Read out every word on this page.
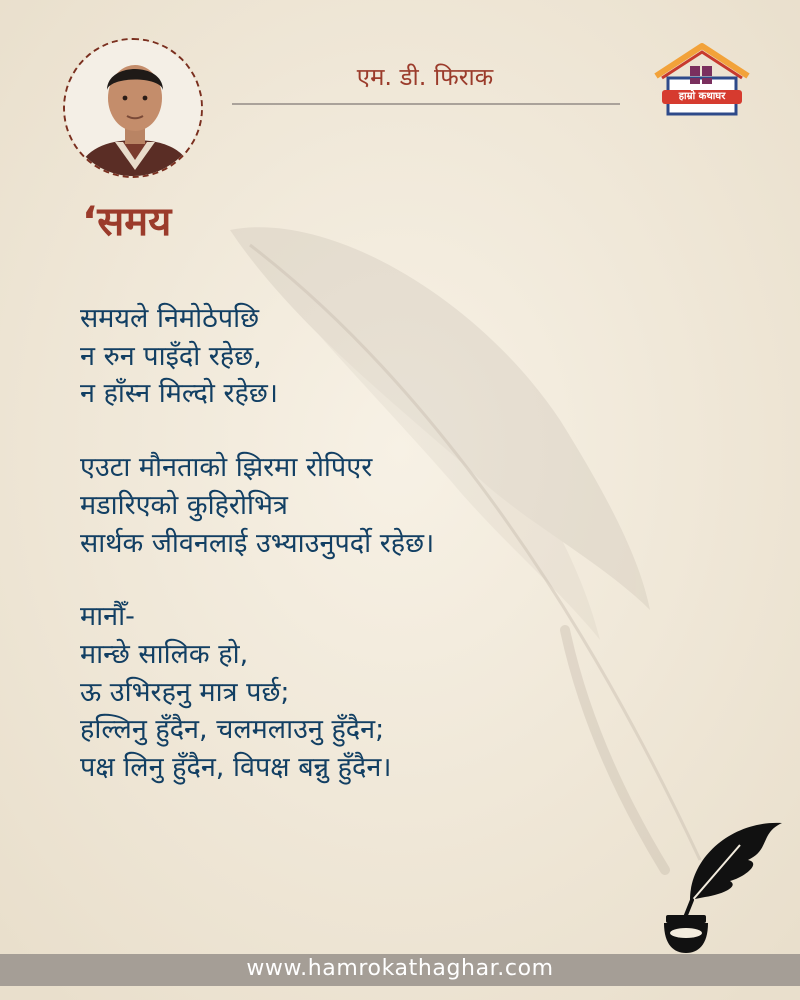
एम. डी. फिराक
हाम्रो कथाघर
‘समय
समयले निमोठेपछि
न रुन पाइँदो रहेछ,
न हाँस्न मिल्दो रहेछ।
एउटा मौनताको झिरमा रोपिएर
मडारिएको कुहिरोभित्र
सार्थक जीवनलाई उभ्याउनुपर्दो रहेछ।
मानौँ-
मान्छे सालिक हो,
ऊ उभिरहनु मात्र पर्छ;
हल्लिनु हुँदैन, चलमलाउनु हुँदैन;
पक्ष लिनु हुँदैन, विपक्ष बन्नु हुँदैन।
www.hamrokathaghar.com
